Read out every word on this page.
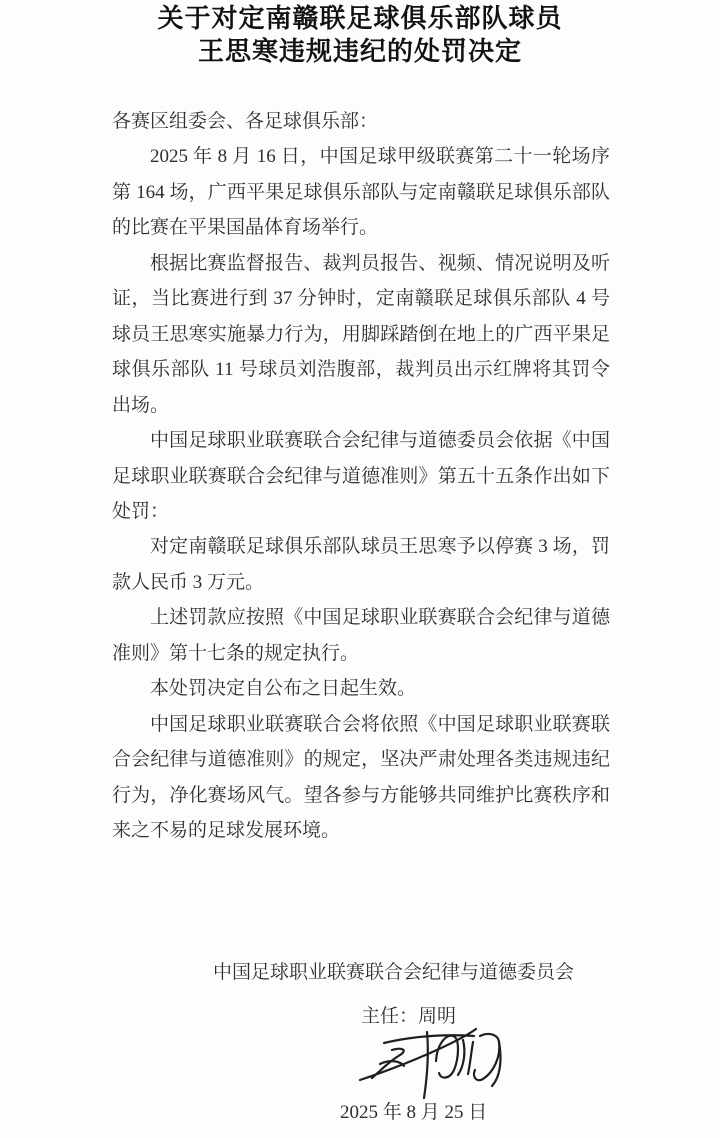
关于对定南赣联足球俱乐部队球员
王思寒违规违纪的处罚决定
各赛区组委会、各足球俱乐部：
2025 年 8 月 16 日，中国足球甲级联赛第二十一轮场序
第 164 场，广西平果足球俱乐部队与定南赣联足球俱乐部队
的比赛在平果国晶体育场举行。
根据比赛监督报告、裁判员报告、视频、情况说明及听
证，当比赛进行到 37 分钟时，定南赣联足球俱乐部队 4 号
球员王思寒实施暴力行为，用脚踩踏倒在地上的广西平果足
球俱乐部队 11 号球员刘浩腹部，裁判员出示红牌将其罚令
出场。
中国足球职业联赛联合会纪律与道德委员会依据《中国
足球职业联赛联合会纪律与道德准则》第五十五条作出如下
处罚：
对定南赣联足球俱乐部队球员王思寒予以停赛 3 场，罚
款人民币 3 万元。
上述罚款应按照《中国足球职业联赛联合会纪律与道德
准则》第十七条的规定执行。
本处罚决定自公布之日起生效。
中国足球职业联赛联合会将依照《中国足球职业联赛联
合会纪律与道德准则》的规定，坚决严肃处理各类违规违纪
行为，净化赛场风气。望各参与方能够共同维护比赛秩序和
来之不易的足球发展环境。
中国足球职业联赛联合会纪律与道德委员会
主任：周明
2025 年 8 月 25 日
